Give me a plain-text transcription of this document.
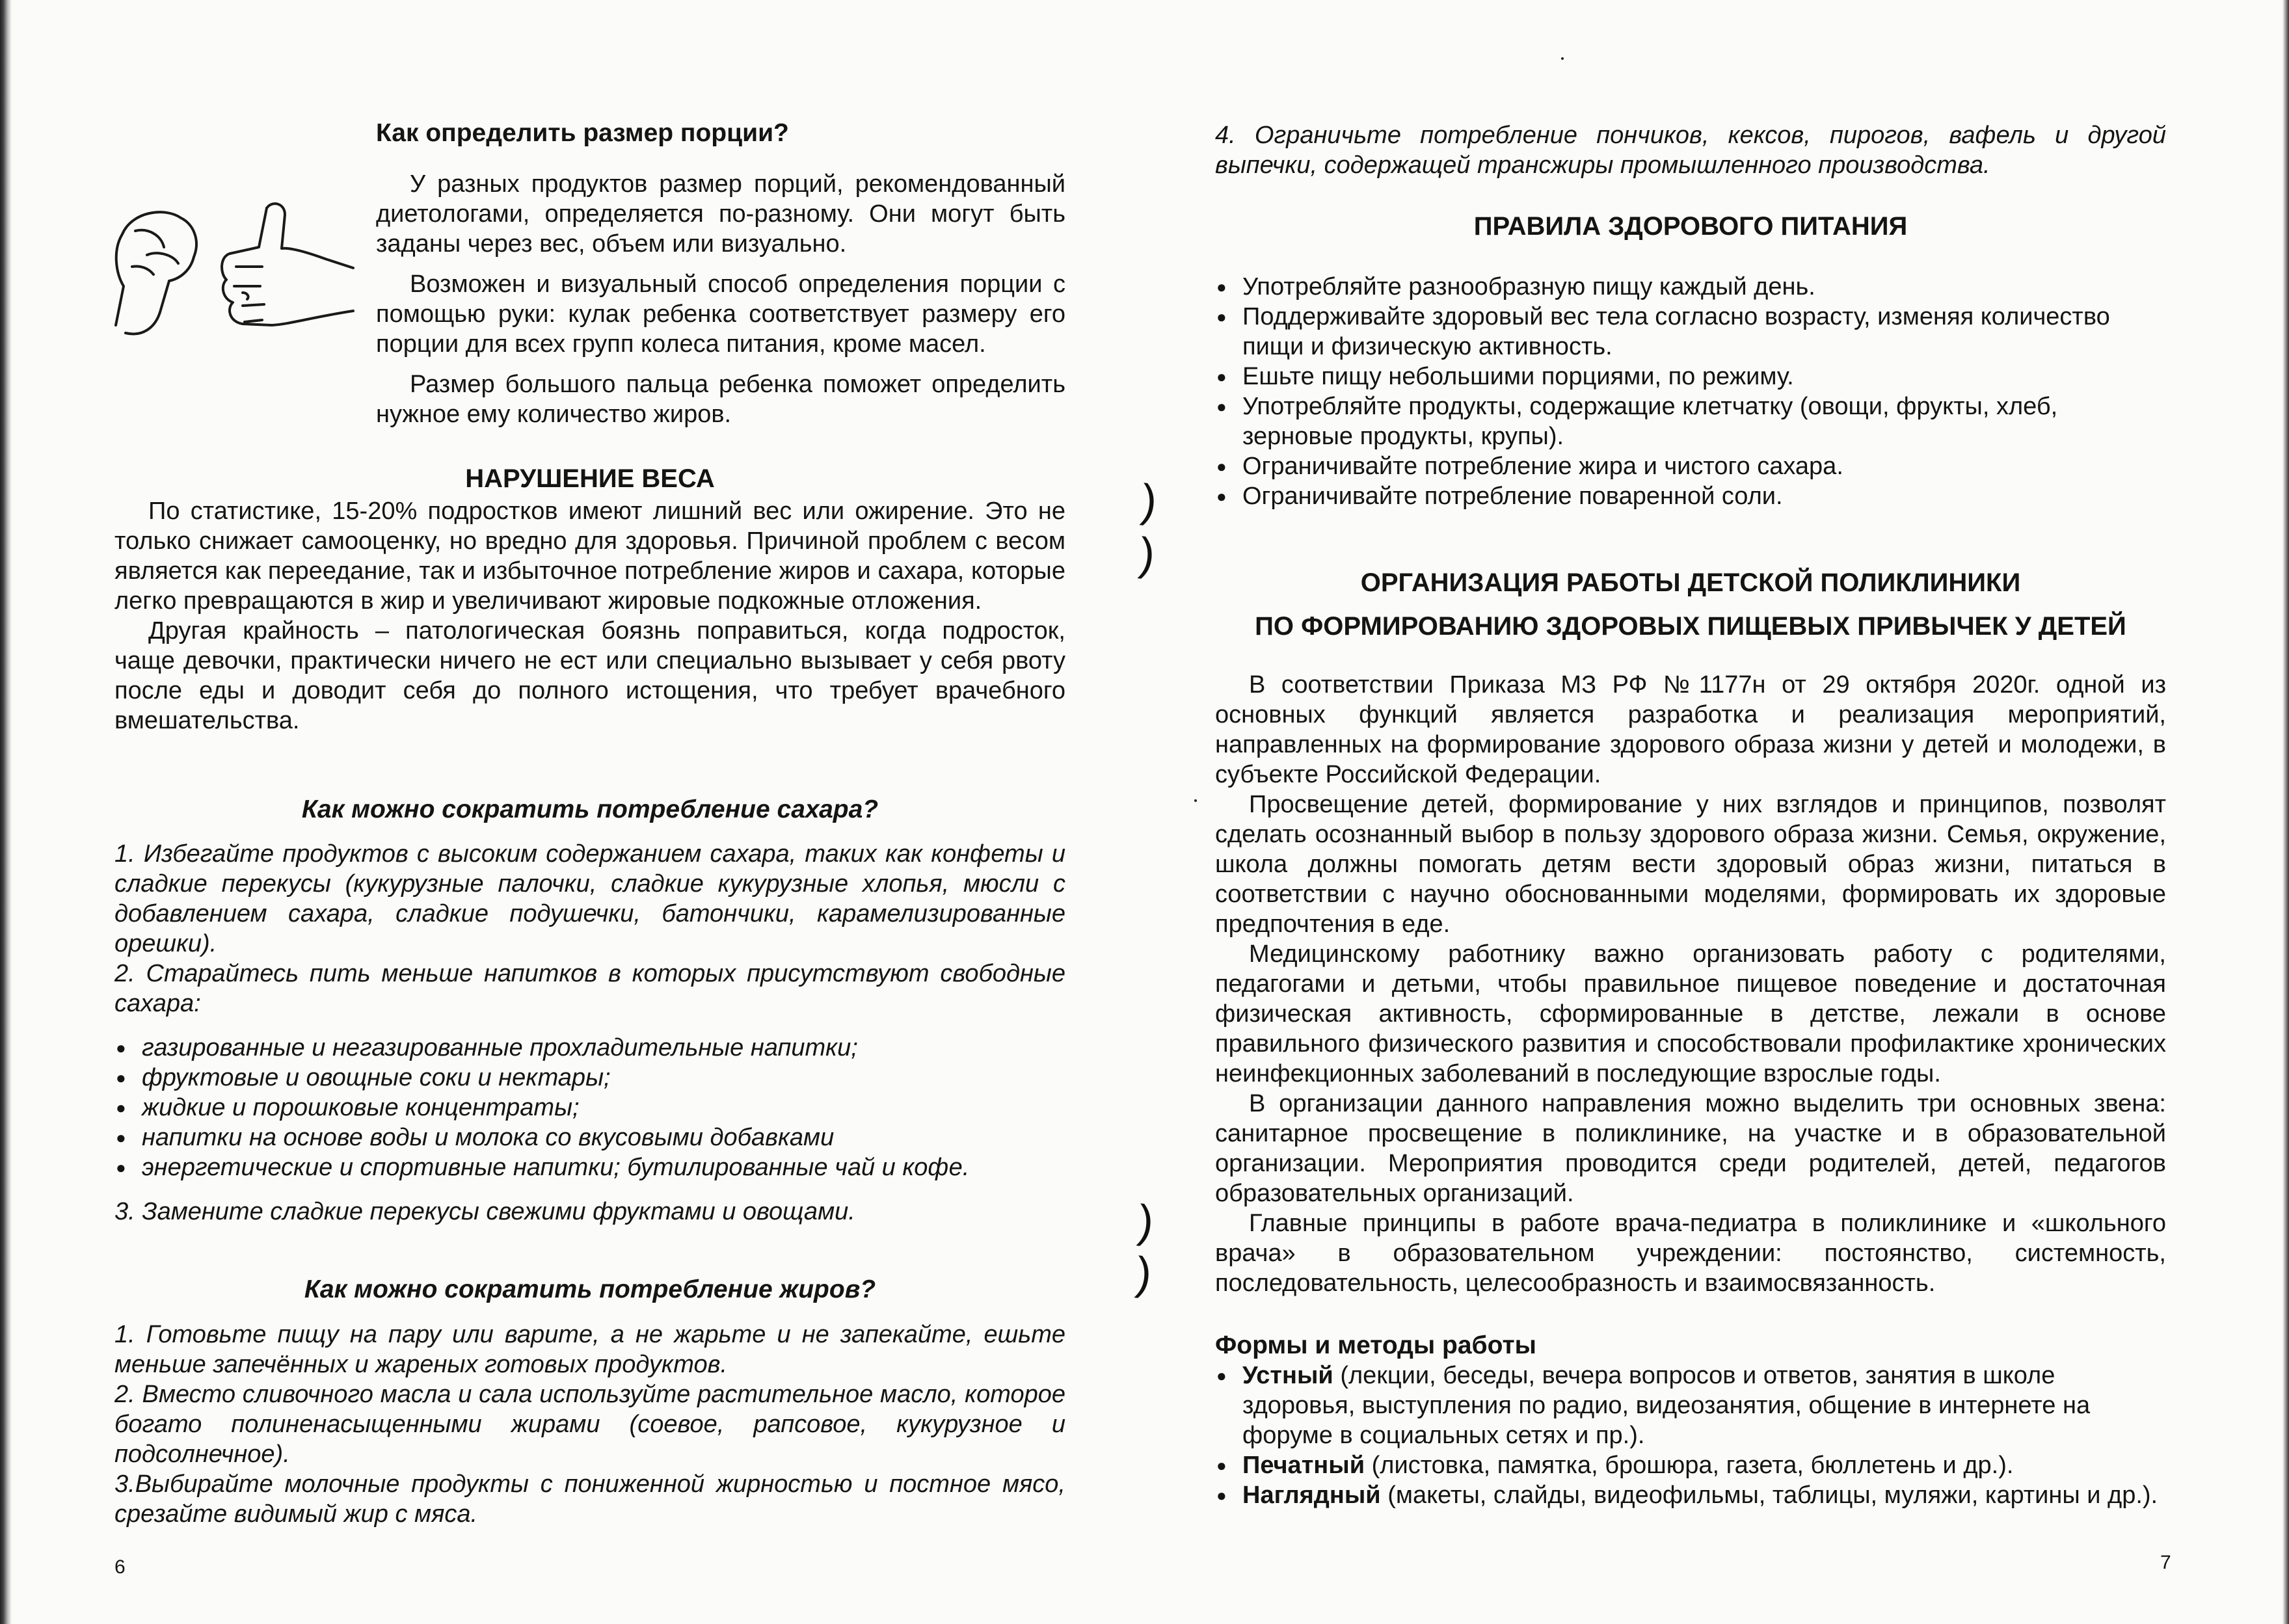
Как определить размер порции?

У разных продуктов размер порций, рекомендованный диетологами, определяется по-разному. Они могут быть заданы через вес, объем или визуально.

Возможен и визуальный способ определения порции с помощью руки: кулак ребенка соответствует размеру его порции для всех групп колеса питания, кроме масел.

Размер большого пальца ребенка поможет определить нужное ему количество жиров.

НАРУШЕНИЕ ВЕСА

По статистике, 15-20% подростков имеют лишний вес или ожирение. Это не только снижает самооценку, но вредно для здоровья. Причиной проблем с весом является как переедание, так и избыточное потребление жиров и сахара, которые легко превращаются в жир и увеличивают жировые подкожные отложения.

Другая крайность – патологическая боязнь поправиться, когда подросток, чаще девочки, практически ничего не ест или специально вызывает у себя рвоту после еды и доводит себя до полного истощения, что требует врачебного вмешательства.

Как можно сократить потребление сахара?

1. Избегайте продуктов с высоким содержанием сахара, таких как конфеты и сладкие перекусы (кукурузные палочки, сладкие кукурузные хлопья, мюсли с добавлением сахара, сладкие подушечки, батончики, карамелизированные орешки).

2. Старайтесь пить меньше напитков в которых присутствуют свободные сахара:

● газированные и негазированные прохладительные напитки;
● фруктовые и овощные соки и нектары;
● жидкие и порошковые концентраты;
● напитки на основе воды и молока со вкусовыми добавками
● энергетические и спортивные напитки; бутилированные чай и кофе.

3. Замените сладкие перекусы свежими фруктами и овощами.

Как можно сократить потребление жиров?

1. Готовьте пищу на пару или варите, а не жарьте и не запекайте, ешьте меньше запечённых и жареных готовых продуктов.

2. Вместо сливочного масла и сала используйте растительное масло, которое богато полиненасыщенными жирами (соевое, рапсовое, кукурузное и подсолнечное).

3.Выбирайте молочные продукты с пониженной жирностью и постное мясо, срезайте видимый жир с мяса.

6
)
)
)
)

4. Ограничьте потребление пончиков, кексов, пирогов, вафель и другой выпечки, содержащей трансжиры промышленного производства.

ПРАВИЛА ЗДОРОВОГО ПИТАНИЯ
● Употребляйте разнообразную пищу каждый день.
● Поддерживайте здоровый вес тела согласно возрасту, изменяя количество пищи и физическую активность.
● Ешьте пищу небольшими порциями, по режиму.
● Употребляйте продукты, содержащие клетчатку (овощи, фрукты, хлеб, зерновые продукты, крупы).
● Ограничивайте потребление жира и чистого сахара.
● Ограничивайте потребление поваренной соли.
ОРГАНИЗАЦИЯ РАБОТЫ ДЕТСКОЙ ПОЛИКЛИНИКИ
ПО ФОРМИРОВАНИЮ ЗДОРОВЫХ ПИЩЕВЫХ ПРИВЫЧЕК У ДЕТЕЙ

В соответствии Приказа МЗ РФ №1177н от 29 октября 2020г. одной из основных функций является разработка и реализация мероприятий, направленных на формирование здорового образа жизни у детей и молодежи, в субъекте Российской Федерации.

Просвещение детей, формирование у них взглядов и принципов, позволят сделать осознанный выбор в пользу здорового образа жизни. Семья, окружение, школа должны помогать детям вести здоровый образ жизни, питаться в соответствии с научно обоснованными моделями, формировать их здоровые предпочтения в еде.

Медицинскому работнику важно организовать работу с родителями, педагогами и детьми, чтобы правильное пищевое поведение и достаточная физическая активность, сформированные в детстве, лежали в основе правильного физического развития и способствовали профилактике хронических неинфекционных заболеваний в последующие взрослые годы.

В организации данного направления можно выделить три основных звена: санитарное просвещение в поликлинике, на участке и в образовательной организации. Мероприятия проводится среди родителей, детей, педагогов образовательных организаций.

Главные принципы в работе врача-педиатра в поликлинике и «школьного врача» в образовательном учреждении: постоянство, системность, последовательность, целесообразность и взаимосвязанность.

Формы и методы работы
● Устный (лекции, беседы, вечера вопросов и ответов, занятия в школе здоровья, выступления по радио, видеозанятия, общение в интернете на форуме в социальных сетях и пр.).
● Печатный (листовка, памятка, брошюра, газета, бюллетень и др.).
● Наглядный (макеты, слайды, видеофильмы, таблицы, муляжи, картины и др.).
7
